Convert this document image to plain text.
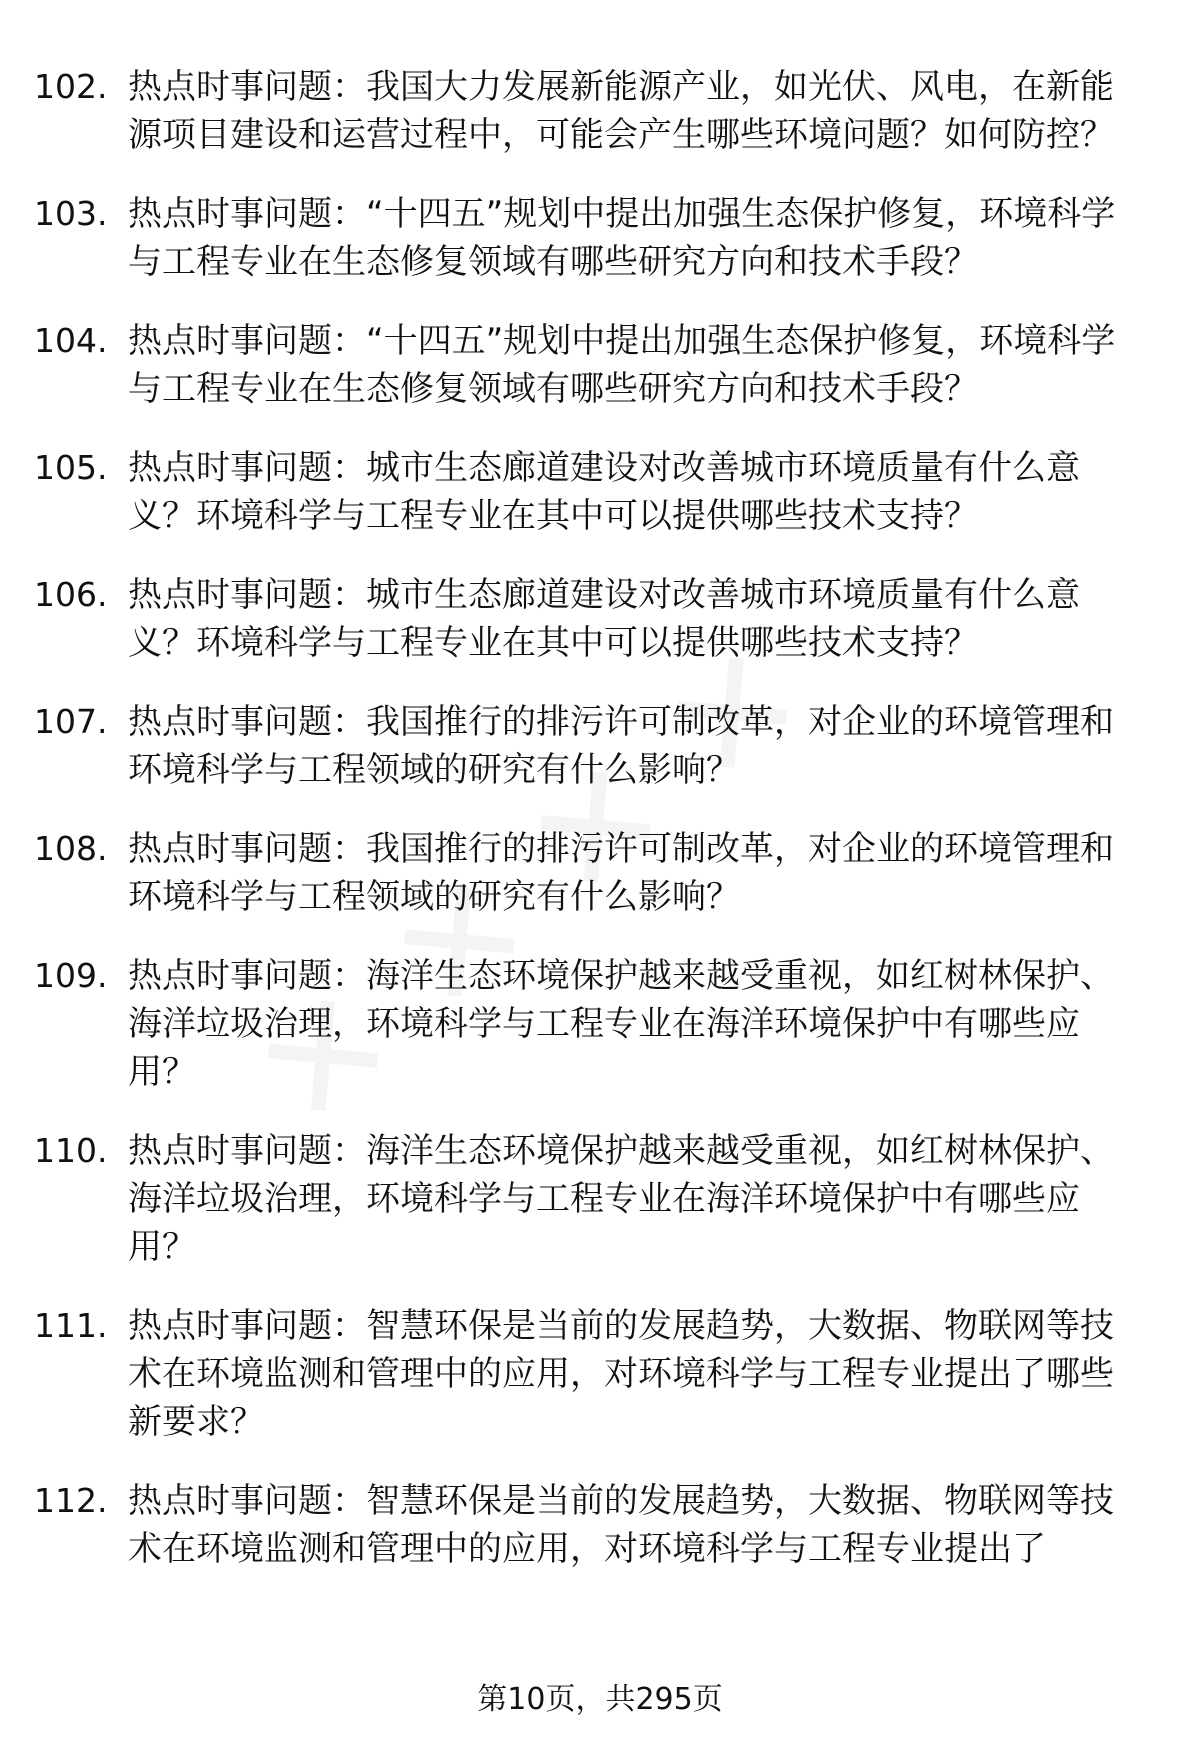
102. 热点时事问题：我国大力发展新能源产业，如光伏、风电，在新能源项目建设和运营过程中，可能会产生哪些环境问题？如何防控？
103. 热点时事问题：“十四五”规划中提出加强生态保护修复，环境科学与工程专业在生态修复领域有哪些研究方向和技术手段？
104. 热点时事问题：“十四五”规划中提出加强生态保护修复，环境科学与工程专业在生态修复领域有哪些研究方向和技术手段？
105. 热点时事问题：城市生态廊道建设对改善城市环境质量有什么意义？环境科学与工程专业在其中可以提供哪些技术支持？
106. 热点时事问题：城市生态廊道建设对改善城市环境质量有什么意义？环境科学与工程专业在其中可以提供哪些技术支持？
107. 热点时事问题：我国推行的排污许可制改革，对企业的环境管理和环境科学与工程领域的研究有什么影响？
108. 热点时事问题：我国推行的排污许可制改革，对企业的环境管理和环境科学与工程领域的研究有什么影响？
109. 热点时事问题：海洋生态环境保护越来越受重视，如红树林保护、海洋垃圾治理，环境科学与工程专业在海洋环境保护中有哪些应用？
110. 热点时事问题：海洋生态环境保护越来越受重视，如红树林保护、海洋垃圾治理，环境科学与工程专业在海洋环境保护中有哪些应用？
111. 热点时事问题：智慧环保是当前的发展趋势，大数据、物联网等技术在环境监测和管理中的应用，对环境科学与工程专业提出了哪些新要求？
112. 热点时事问题：智慧环保是当前的发展趋势，大数据、物联网等技术在环境监测和管理中的应用，对环境科学与工程专业提出了
第10页，共295页
